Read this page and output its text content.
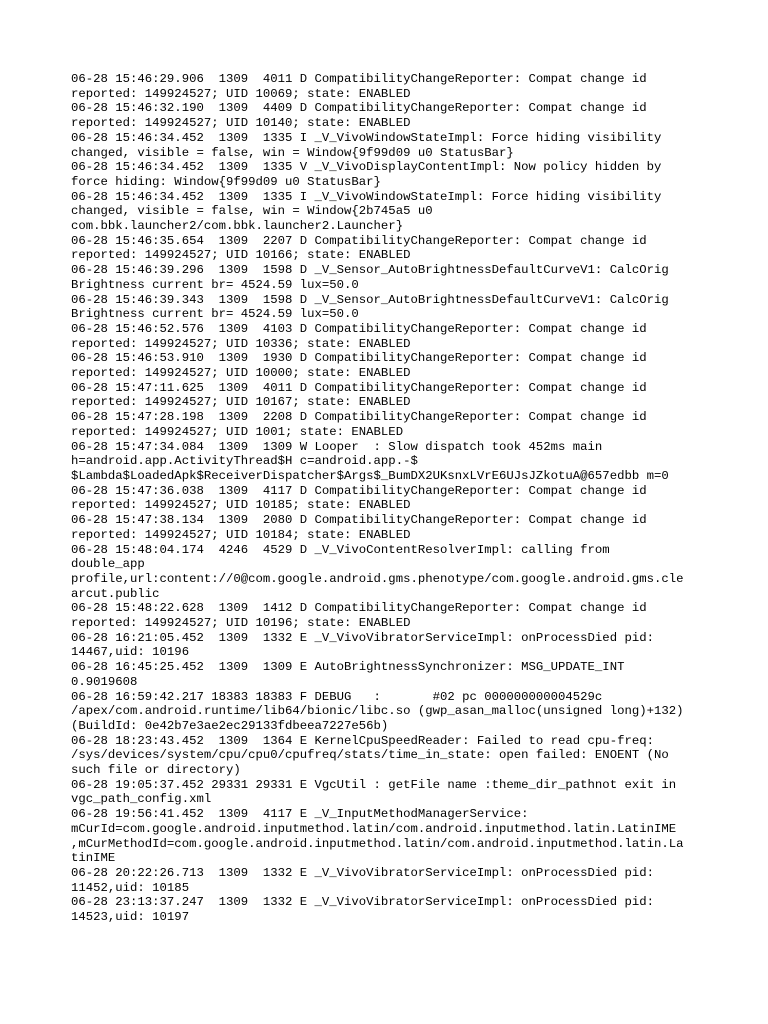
06-28 15:46:29.906  1309  4011 D CompatibilityChangeReporter: Compat change id
reported: 149924527; UID 10069; state: ENABLED
06-28 15:46:32.190  1309  4409 D CompatibilityChangeReporter: Compat change id
reported: 149924527; UID 10140; state: ENABLED
06-28 15:46:34.452  1309  1335 I _V_VivoWindowStateImpl: Force hiding visibility
changed, visible = false, win = Window{9f99d09 u0 StatusBar}
06-28 15:46:34.452  1309  1335 V _V_VivoDisplayContentImpl: Now policy hidden by
force hiding: Window{9f99d09 u0 StatusBar}
06-28 15:46:34.452  1309  1335 I _V_VivoWindowStateImpl: Force hiding visibility
changed, visible = false, win = Window{2b745a5 u0
com.bbk.launcher2/com.bbk.launcher2.Launcher}
06-28 15:46:35.654  1309  2207 D CompatibilityChangeReporter: Compat change id
reported: 149924527; UID 10166; state: ENABLED
06-28 15:46:39.296  1309  1598 D _V_Sensor_AutoBrightnessDefaultCurveV1: CalcOrig
Brightness current br= 4524.59 lux=50.0
06-28 15:46:39.343  1309  1598 D _V_Sensor_AutoBrightnessDefaultCurveV1: CalcOrig
Brightness current br= 4524.59 lux=50.0
06-28 15:46:52.576  1309  4103 D CompatibilityChangeReporter: Compat change id
reported: 149924527; UID 10336; state: ENABLED
06-28 15:46:53.910  1309  1930 D CompatibilityChangeReporter: Compat change id
reported: 149924527; UID 10000; state: ENABLED
06-28 15:47:11.625  1309  4011 D CompatibilityChangeReporter: Compat change id
reported: 149924527; UID 10167; state: ENABLED
06-28 15:47:28.198  1309  2208 D CompatibilityChangeReporter: Compat change id
reported: 149924527; UID 1001; state: ENABLED
06-28 15:47:34.084  1309  1309 W Looper  : Slow dispatch took 452ms main
h=android.app.ActivityThread$H c=android.app.-$
$Lambda$LoadedApk$ReceiverDispatcher$Args$_BumDX2UKsnxLVrE6UJsJZkotuA@657edbb m=0
06-28 15:47:36.038  1309  4117 D CompatibilityChangeReporter: Compat change id
reported: 149924527; UID 10185; state: ENABLED
06-28 15:47:38.134  1309  2080 D CompatibilityChangeReporter: Compat change id
reported: 149924527; UID 10184; state: ENABLED
06-28 15:48:04.174  4246  4529 D _V_VivoContentResolverImpl: calling from
double_app
profile,url:content://0@com.google.android.gms.phenotype/com.google.android.gms.cle
arcut.public
06-28 15:48:22.628  1309  1412 D CompatibilityChangeReporter: Compat change id
reported: 149924527; UID 10196; state: ENABLED
06-28 16:21:05.452  1309  1332 E _V_VivoVibratorServiceImpl: onProcessDied pid:
14467,uid: 10196
06-28 16:45:25.452  1309  1309 E AutoBrightnessSynchronizer: MSG_UPDATE_INT
0.9019608
06-28 16:59:42.217 18383 18383 F DEBUG   :       #02 pc 000000000004529c
/apex/com.android.runtime/lib64/bionic/libc.so (gwp_asan_malloc(unsigned long)+132)
(BuildId: 0e42b7e3ae2ec29133fdbeea7227e56b)
06-28 18:23:43.452  1309  1364 E KernelCpuSpeedReader: Failed to read cpu-freq:
/sys/devices/system/cpu/cpu0/cpufreq/stats/time_in_state: open failed: ENOENT (No
such file or directory)
06-28 19:05:37.452 29331 29331 E VgcUtil : getFile name :theme_dir_pathnot exit in
vgc_path_config.xml
06-28 19:56:41.452  1309  4117 E _V_InputMethodManagerService:
mCurId=com.google.android.inputmethod.latin/com.android.inputmethod.latin.LatinIME
,mCurMethodId=com.google.android.inputmethod.latin/com.android.inputmethod.latin.La
tinIME
06-28 20:22:26.713  1309  1332 E _V_VivoVibratorServiceImpl: onProcessDied pid:
11452,uid: 10185
06-28 23:13:37.247  1309  1332 E _V_VivoVibratorServiceImpl: onProcessDied pid:
14523,uid: 10197
